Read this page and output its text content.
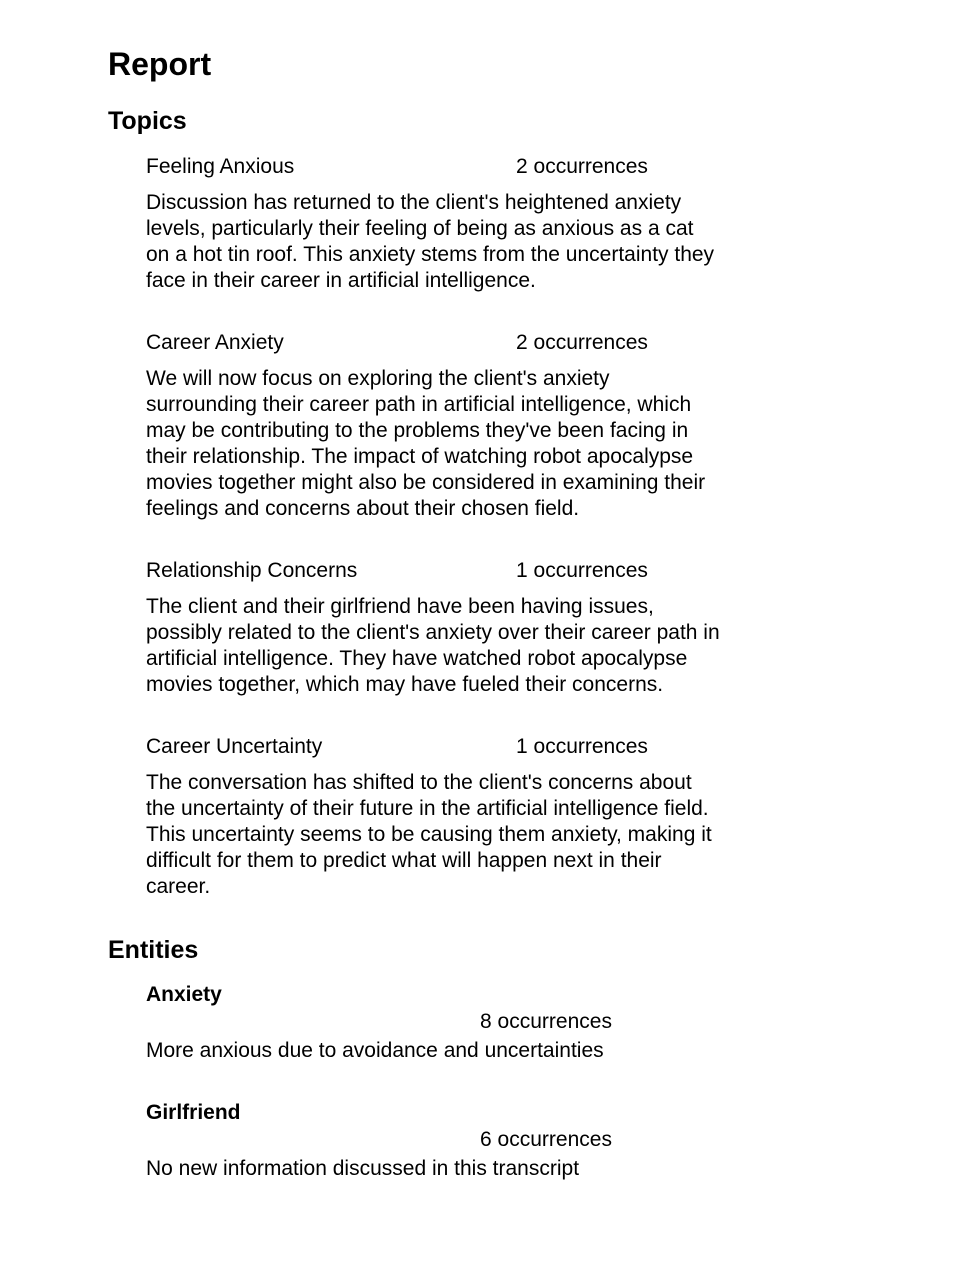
Report
Topics
Feeling Anxious	2 occurrences

Discussion has returned to the client's heightened anxiety levels, particularly their feeling of being as anxious as a cat on a hot tin roof. This anxiety stems from the uncertainty they face in their career in artificial intelligence.

Career Anxiety	2 occurrences

We will now focus on exploring the client's anxiety surrounding their career path in artificial intelligence, which may be contributing to the problems they've been facing in their relationship. The impact of watching robot apocalypse movies together might also be considered in examining their feelings and concerns about their chosen field.

Relationship Concerns	1 occurrences

The client and their girlfriend have been having issues, possibly related to the client's anxiety over their career path in artificial intelligence. They have watched robot apocalypse movies together, which may have fueled their concerns.

Career Uncertainty	1 occurrences

The conversation has shifted to the client's concerns about the uncertainty of their future in the artificial intelligence field. This uncertainty seems to be causing them anxiety, making it difficult for them to predict what will happen next in their career.

Entities
Anxiety
8 occurrences
More anxious due to avoidance and uncertainties
Girlfriend
6 occurrences
No new information discussed in this transcript
